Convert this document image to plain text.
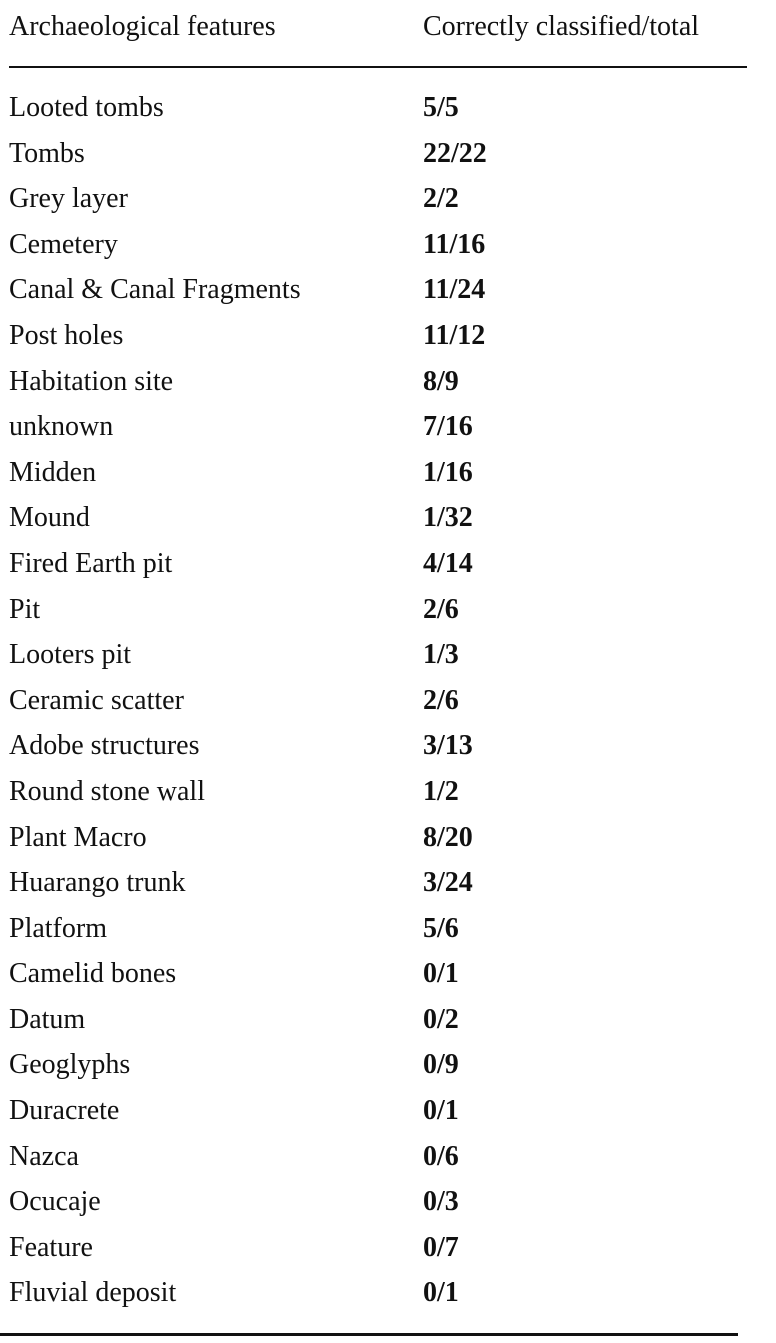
Archaeological features	Correctly classified/total
Looted tombs	5/5
Tombs	22/22
Grey layer	2/2
Cemetery	11/16
Canal & Canal Fragments	11/24
Post holes	11/12
Habitation site	8/9
unknown	7/16
Midden	1/16
Mound	1/32
Fired Earth pit	4/14
Pit	2/6
Looters pit	1/3
Ceramic scatter	2/6
Adobe structures	3/13
Round stone wall	1/2
Plant Macro	8/20
Huarango trunk	3/24
Platform	5/6
Camelid bones	0/1
Datum	0/2
Geoglyphs	0/9
Duracrete	0/1
Nazca	0/6
Ocucaje	0/3
Feature	0/7
Fluvial deposit	0/1
